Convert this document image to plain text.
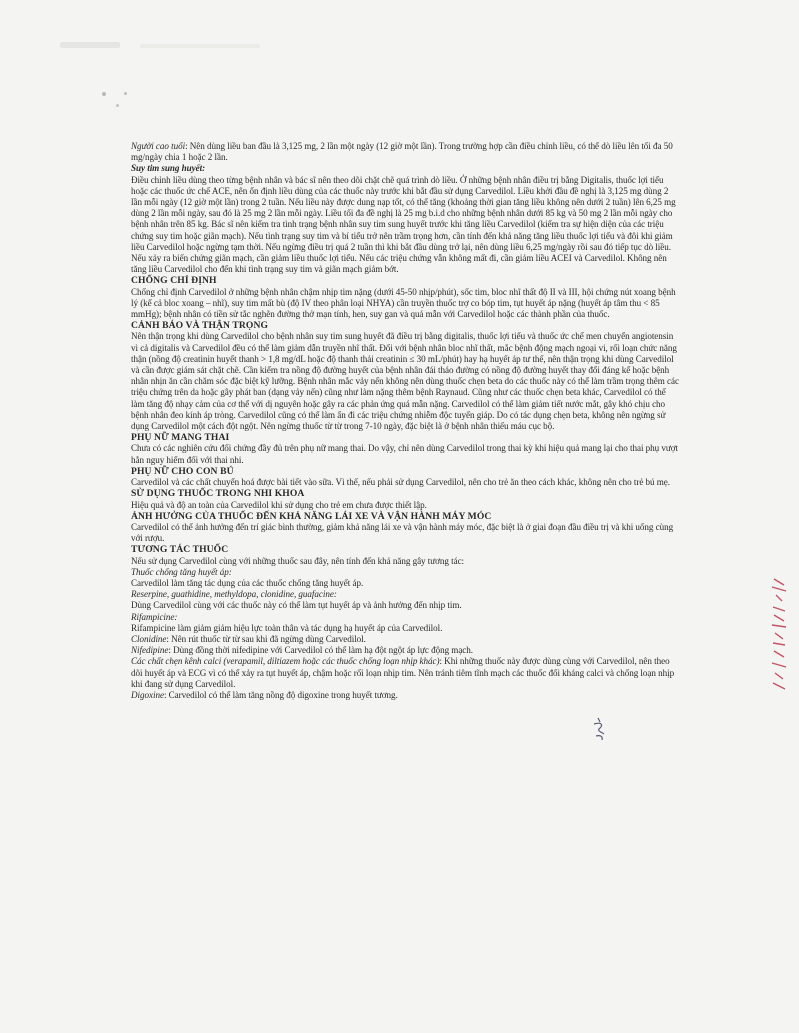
Người cao tuổi: Nên dùng liều ban đầu là 3,125 mg, 2 lần một ngày (12 giờ một lần). Trong trường hợp cần điều chỉnh liều, có thể dò liều lên tối đa 50 mg/ngày chia 1 hoặc 2 lần.

Suy tim sung huyết:

Điều chỉnh liều dùng theo từng bệnh nhân và bác sĩ nên theo dõi chặt chẽ quá trình dò liều. Ở những bệnh nhân điều trị bằng Digitalis, thuốc lợi tiểu hoặc các thuốc ức chế ACE, nên ổn định liều dùng của các thuốc này trước khi bắt đầu sử dụng Carvedilol. Liều khởi đầu đề nghị là 3,125 mg dùng 2 lần mỗi ngày (12 giờ một lần) trong 2 tuần. Nếu liều này được dung nạp tốt, có thể tăng (khoảng thời gian tăng liều không nên dưới 2 tuần) lên 6,25 mg dùng 2 lần mỗi ngày, sau đó là 25 mg 2 lần mỗi ngày. Liều tối đa đề nghị là 25 mg b.i.d cho những bệnh nhân dưới 85 kg và 50 mg 2 lần mỗi ngày cho bệnh nhân trên 85 kg. Bác sĩ nên kiểm tra tình trạng bệnh nhân suy tim sung huyết trước khi tăng liều Carvedilol (kiểm tra sự hiện diện của các triệu chứng suy tim hoặc giãn mạch). Nếu tình trạng suy tim và bí tiểu trở nên trầm trọng hơn, cần tính đến khả năng tăng liều thuốc lợi tiểu và đôi khi giảm liều Carvedilol hoặc ngừng tạm thời. Nếu ngừng điều trị quá 2 tuần thì khi bắt đầu dùng trở lại, nên dùng liều 6,25 mg/ngày rồi sau đó tiếp tục dò liều. Nếu xảy ra biến chứng giãn mạch, cần giảm liều thuốc lợi tiểu. Nếu các triệu chứng vẫn không mất đi, cần giảm liều ACEI và Carvedilol. Không nên tăng liều Carvedilol cho đến khi tình trạng suy tim và giãn mạch giảm bớt.

CHỐNG CHỈ ĐỊNH

Chống chỉ định Carvedilol ở những bệnh nhân chậm nhịp tim nặng (dưới 45-50 nhịp/phút), sốc tim, bloc nhĩ thất độ II và III, hội chứng nút xoang bệnh lý (kể cả bloc xoang – nhĩ), suy tim mất bù (độ IV theo phân loại NHYA) cần truyền thuốc trợ co bóp tim, tụt huyết áp nặng (huyết áp tâm thu < 85 mmHg); bệnh nhân có tiền sử tắc nghẽn đường thở mạn tính, hen, suy gan và quá mẫn với Carvedilol hoặc các thành phần của thuốc.

CẢNH BÁO VÀ THẬN TRỌNG

Nên thận trọng khi dùng Carvedilol cho bệnh nhân suy tim sung huyết đã điều trị bằng digitalis, thuốc lợi tiểu và thuốc ức chế men chuyển angiotensin vì cả digitalis và Carvedilol đều có thể làm giảm dẫn truyền nhĩ thất. Đối với bệnh nhân bloc nhĩ thất, mắc bệnh động mạch ngoại vi, rối loạn chức năng thận (nồng độ creatinin huyết thanh > 1,8 mg/dL hoặc độ thanh thải creatinin ≤ 30 mL/phút) hay hạ huyết áp tư thế, nên thận trọng khi dùng Carvedilol và cần được giám sát chặt chẽ. Cần kiểm tra nồng độ đường huyết của bệnh nhân đái tháo đường có nồng độ đường huyết thay đổi đáng kể hoặc bệnh nhân nhịn ăn cần chăm sóc đặc biệt kỹ lưỡng. Bệnh nhân mắc vảy nến không nên dùng thuốc chẹn beta do các thuốc này có thể làm trầm trọng thêm các triệu chứng trên da hoặc gây phát ban (dạng vảy nến) cũng như làm nặng thêm bệnh Raynaud. Cũng như các thuốc chẹn beta khác, Carvedilol có thể làm tăng độ nhạy cảm của cơ thể với dị nguyên hoặc gây ra các phản ứng quá mẫn nặng. Carvedilol có thể làm giảm tiết nước mắt, gây khó chịu cho bệnh nhân đeo kính áp tròng. Carvedilol cũng có thể làm ẩn đi các triệu chứng nhiễm độc tuyến giáp. Do có tác dụng chẹn beta, không nên ngừng sử dụng Carvedilol một cách đột ngột. Nên ngừng thuốc từ từ trong 7-10 ngày, đặc biệt là ở bệnh nhân thiếu máu cục bộ.

PHỤ NỮ MANG THAI

Chưa có các nghiên cứu đối chứng đầy đủ trên phụ nữ mang thai. Do vậy, chỉ nên dùng Carvedilol trong thai kỳ khi hiệu quả mang lại cho thai phụ vượt hẳn nguy hiểm đối với thai nhi.

PHỤ NỮ CHO CON BÚ

Carvedilol và các chất chuyển hoá được bài tiết vào sữa. Vì thế, nếu phải sử dụng Carvedilol, nên cho trẻ ăn theo cách khác, không nên cho trẻ bú mẹ.

SỬ DỤNG THUỐC TRONG NHI KHOA

Hiệu quả và độ an toàn của Carvedilol khi sử dụng cho trẻ em chưa được thiết lập.

ẢNH HƯỞNG CỦA THUỐC ĐẾN KHẢ NĂNG LÁI XE VÀ VẬN HÀNH MÁY MÓC

Carvedilol có thể ảnh hưởng đến trí giác bình thường, giảm khả năng lái xe và vận hành máy móc, đặc biệt là ở giai đoạn đầu điều trị và khi uống cùng với rượu.

TƯƠNG TÁC THUỐC

Nếu sử dụng Carvedilol cùng với những thuốc sau đây, nên tính đến khả năng gây tương tác:

Thuốc chống tăng huyết áp:

Carvedilol làm tăng tác dụng của các thuốc chống tăng huyết áp.

Reserpine, guathidine, methyldopa, clonidine, guafacine:

Dùng Carvedilol cùng với các thuốc này có thể làm tụt huyết áp và ảnh hưởng đến nhịp tim.

Rifampicine:

Rifampicine làm giảm giảm hiệu lực toàn thân và tác dụng hạ huyết áp của Carvedilol.

Clonidine: Nên rút thuốc từ từ sau khi đã ngừng dùng Carvedilol.

Nifedipine: Dùng đồng thời nifedipine với Carvedilol có thể làm hạ đột ngột áp lực động mạch.

Các chất chẹn kênh calci (verapamil, diltiazem hoặc các thuốc chống loạn nhịp khác): Khi những thuốc này được dùng cùng với Carvedilol, nên theo dõi huyết áp và ECG vì có thể xảy ra tụt huyết áp, chậm hoặc rối loạn nhịp tim. Nên tránh tiêm tĩnh mạch các thuốc đối kháng calci và chống loạn nhịp khi đang sử dụng Carvedilol.

Digoxine: Carvedilol có thể làm tăng nồng độ digoxine trong huyết tương.
